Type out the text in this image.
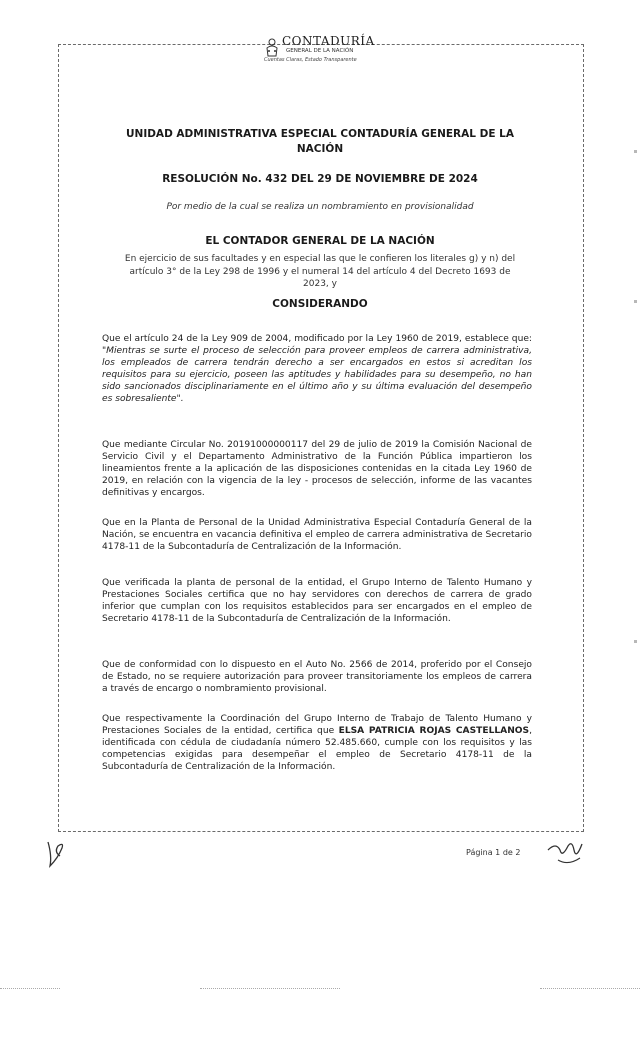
CONTADURÍA
GENERAL DE LA NACIÓN
Cuentas Claras, Estado Transparente
UNIDAD ADMINISTRATIVA ESPECIAL CONTADURÍA GENERAL DE LA
NACIÓN
RESOLUCIÓN No. 432 DEL 29 DE NOVIEMBRE DE 2024
Por medio de la cual se realiza un nombramiento en provisionalidad
EL CONTADOR GENERAL DE LA NACIÓN
En ejercicio de sus facultades y en especial las que le confieren los literales g) y n) del artículo 3° de la Ley 298 de 1996 y el numeral 14 del artículo 4 del Decreto 1693 de 2023, y
CONSIDERANDO

Que el artículo 24 de la Ley 909 de 2004, modificado por la Ley 1960 de 2019, establece que: "Mientras se surte el proceso de selección para proveer empleos de carrera administrativa, los empleados de carrera tendrán derecho a ser encargados en estos si acreditan los requisitos para su ejercicio, poseen las aptitudes y habilidades para su desempeño, no han sido sancionados disciplinariamente en el último año y su última evaluación del desempeño es sobresaliente".

Que mediante Circular No. 20191000000117 del 29 de julio de 2019 la Comisión Nacional de Servicio Civil y el Departamento Administrativo de la Función Pública impartieron los lineamientos frente a la aplicación de las disposiciones contenidas en la citada Ley 1960 de 2019, en relación con la vigencia de la ley - procesos de selección, informe de las vacantes definitivas y encargos.

Que en la Planta de Personal de la Unidad Administrativa Especial Contaduría General de la Nación, se encuentra en vacancia definitiva el empleo de carrera administrativa de Secretario 4178-11 de la Subcontaduría de Centralización de la Información.

Que verificada la planta de personal de la entidad, el Grupo Interno de Talento Humano y Prestaciones Sociales certifica que no hay servidores con derechos de carrera de grado inferior que cumplan con los requisitos establecidos para ser encargados en el empleo de Secretario 4178-11 de la Subcontaduría de Centralización de la Información.

Que de conformidad con lo dispuesto en el Auto No. 2566 de 2014, proferido por el Consejo de Estado, no se requiere autorización para proveer transitoriamente los empleos de carrera a través de encargo o nombramiento provisional.

Que respectivamente la Coordinación del Grupo Interno de Trabajo de Talento Humano y Prestaciones Sociales de la entidad, certifica que ELSA PATRICIA ROJAS CASTELLANOS, identificada con cédula de ciudadanía número 52.485.660, cumple con los requisitos y las competencias exigidas para desempeñar el empleo de Secretario 4178-11 de la Subcontaduría de Centralización de la Información.

Página 1 de 2
